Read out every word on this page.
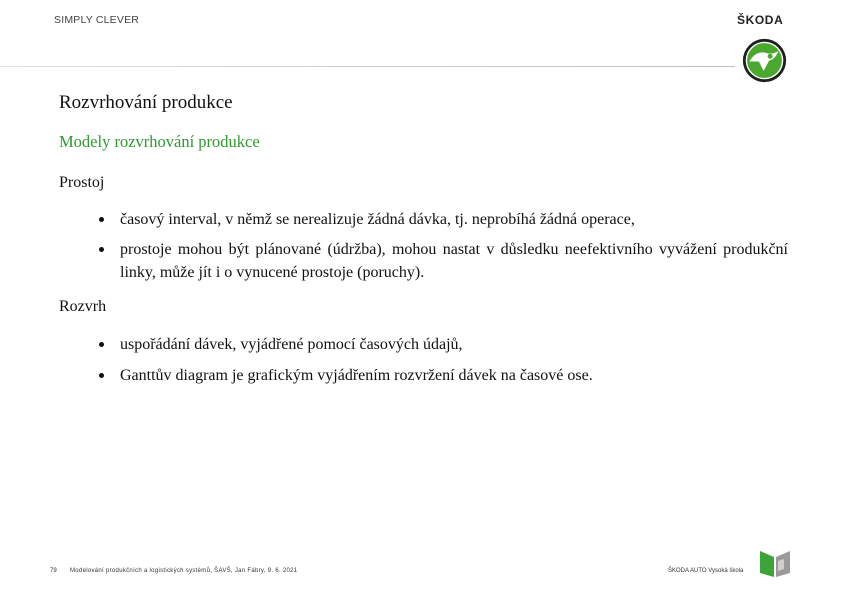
SIMPLY CLEVER	ŠKODA
Rozvrhování produkce
Modely rozvrhování produkce
Prostoj
časový interval, v němž se nerealizuje žádná dávka, tj. neprobíhá žádná operace,
prostoje mohou být plánované (údržba), mohou nastat v důsledku neefektivního vyvážení produkční linky, může jít i o vynucené prostoje (poruchy).
Rozvrh
uspořádání dávek, vyjádřené pomocí časových údajů,
Ganttův diagram je grafickým vyjádřením rozvržení dávek na časové ose.
79 Modelování produkčních a logistických systémů, ŠAVŠ, Jan Fábry, 9. 6. 2021	ŠKODA AUTO Vysoká škola
